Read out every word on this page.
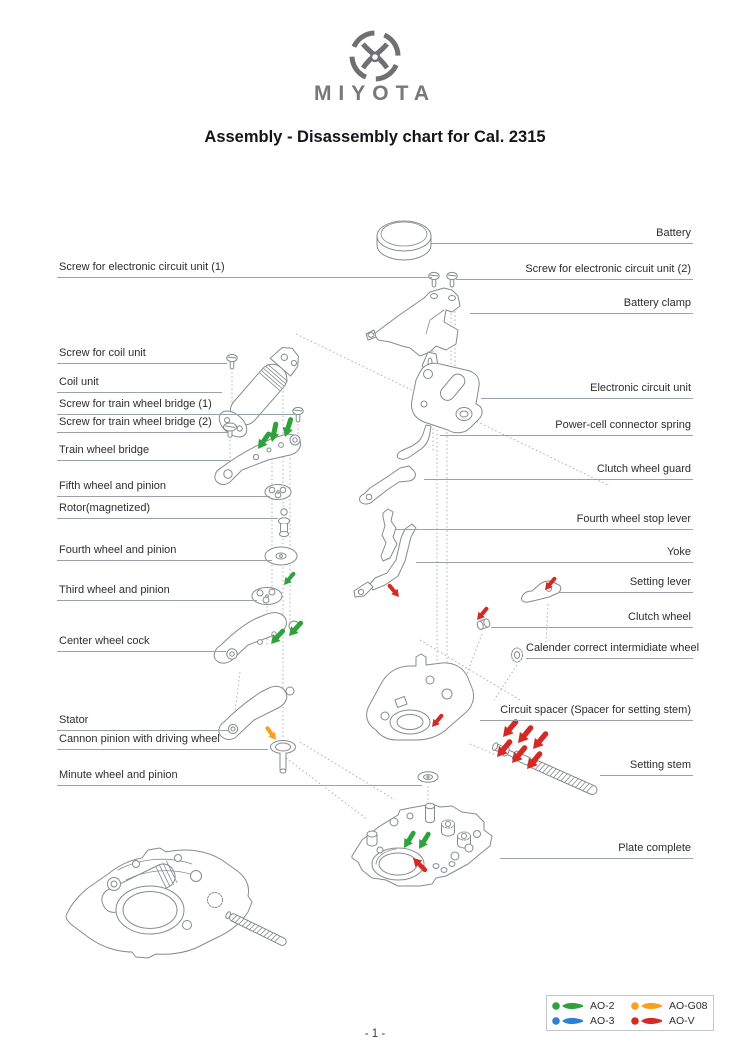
MIYOTA
Assembly - Disassembly chart for Cal. 2315
Screw for electronic circuit unit (1)
Screw for coil unit
Coil unit
Screw for train wheel bridge (1)
Screw for train wheel bridge (2)
Train wheel bridge
Fifth wheel and pinion
Rotor(magnetized)
Fourth wheel and pinion
Third wheel and pinion
Center wheel cock
Stator
Cannon pinion with driving wheel
Minute wheel and pinion
Battery
Screw for electronic circuit unit (2)
Battery clamp
Electronic circuit unit
Power-cell connector spring
Clutch wheel guard
Fourth wheel stop lever
Yoke
Setting lever
Clutch wheel
Calender correct intermidiate wheel
Circuit spacer (Spacer for setting stem)
Setting stem
Plate complete
AO-2	AO-G08
AO-3	AO-V
- 1 -
